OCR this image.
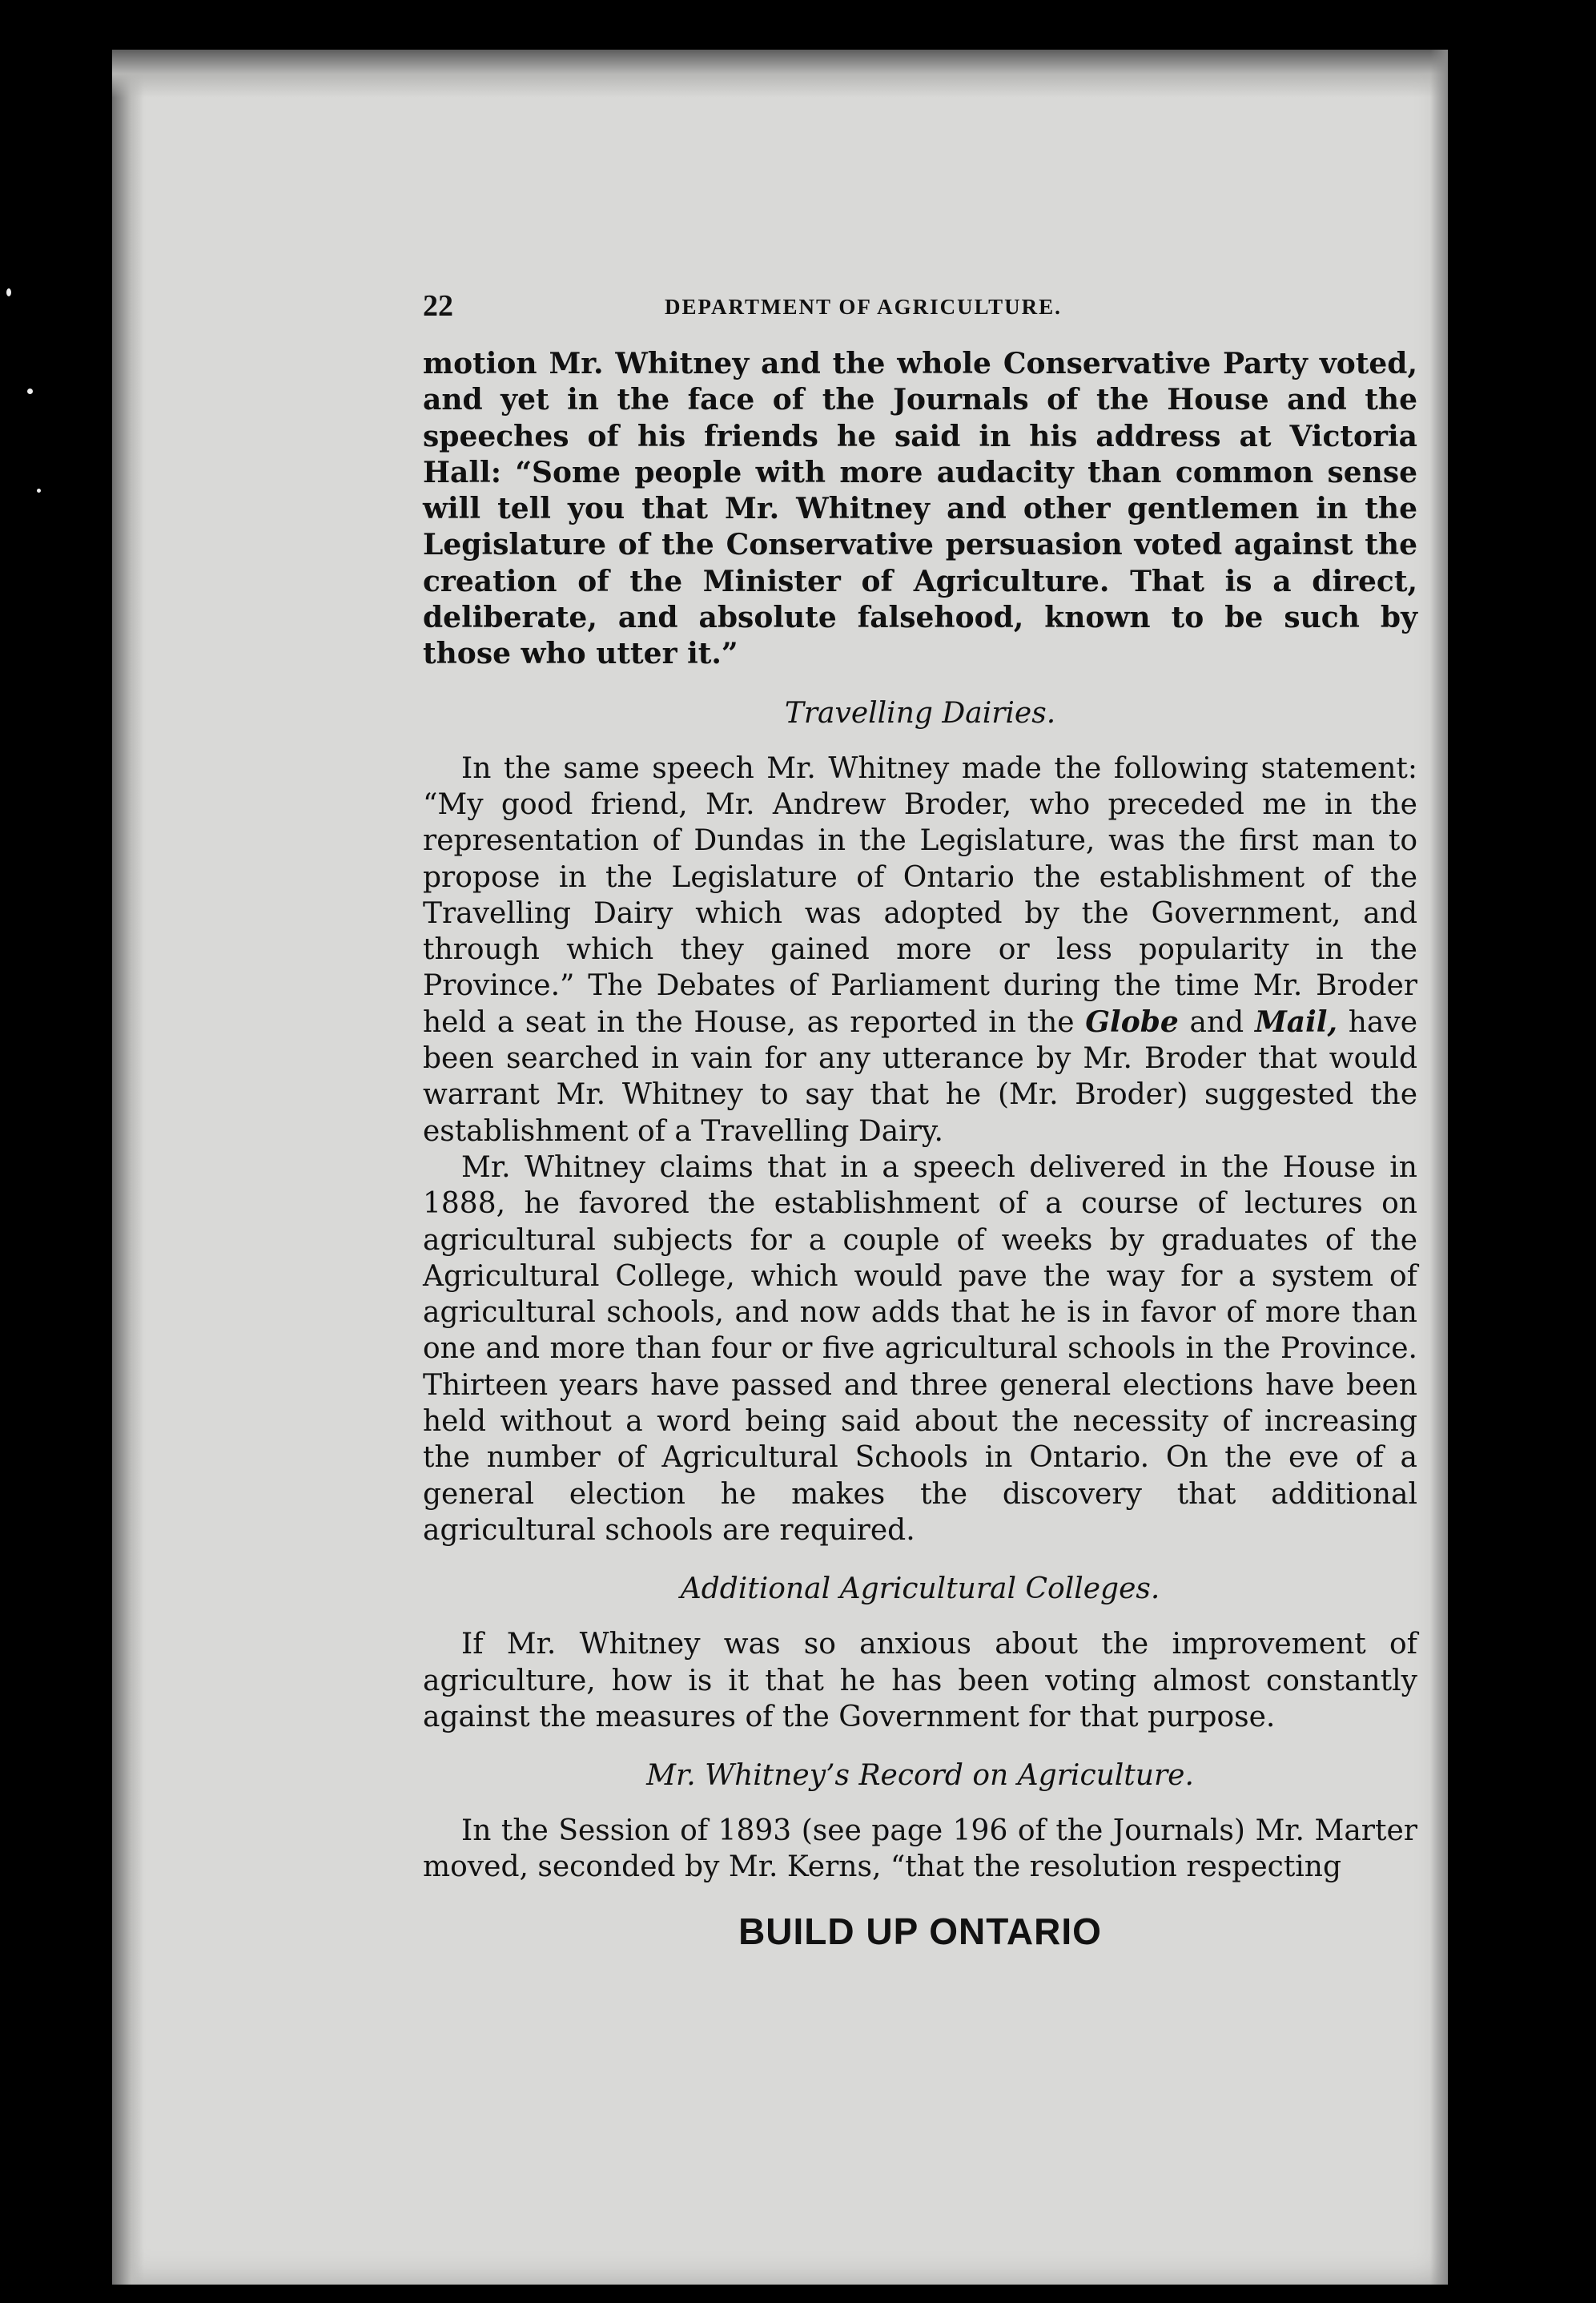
22	DEPARTMENT OF AGRICULTURE.

motion Mr. Whitney and the whole Conservative Party voted, and yet in the face of the Journals of the House and the speeches of his friends he said in his address at Victoria Hall: “Some people with more audacity than common sense will tell you that Mr. Whitney and other gentlemen in the Legislature of the Conservative persuasion voted against the creation of the Minister of Agriculture. That is a direct, deliberate, and absolute falsehood, known to be such by those who utter it.”

Travelling Dairies.

In the same speech Mr. Whitney made the following statement: “My good friend, Mr. Andrew Broder, who preceded me in the representation of Dundas in the Legislature, was the first man to propose in the Legislature of Ontario the establishment of the Travelling Dairy which was adopted by the Government, and through which they gained more or less popularity in the Province.” The Debates of Parliament during the time Mr. Broder held a seat in the House, as reported in the Globe and Mail, have been searched in vain for any utterance by Mr. Broder that would warrant Mr. Whitney to say that he (Mr. Broder) suggested the establishment of a Travelling Dairy.

Mr. Whitney claims that in a speech delivered in the House in 1888, he favored the establishment of a course of lectures on agricultural subjects for a couple of weeks by graduates of the Agricultural College, which would pave the way for a system of agricultural schools, and now adds that he is in favor of more than one and more than four or five agricultural schools in the Province. Thirteen years have passed and three general elections have been held without a word being said about the necessity of increasing the number of Agricultural Schools in Ontario. On the eve of a general election he makes the discovery that additional agricultural schools are required.

Additional Agricultural Colleges.

If Mr. Whitney was so anxious about the improvement of agriculture, how is it that he has been voting almost constantly against the measures of the Government for that purpose.

Mr. Whitney’s Record on Agriculture.

In the Session of 1893 (see page 196 of the Journals) Mr. Marter moved, seconded by Mr. Kerns, “that the resolution respecting

BUILD UP ONTARIO
